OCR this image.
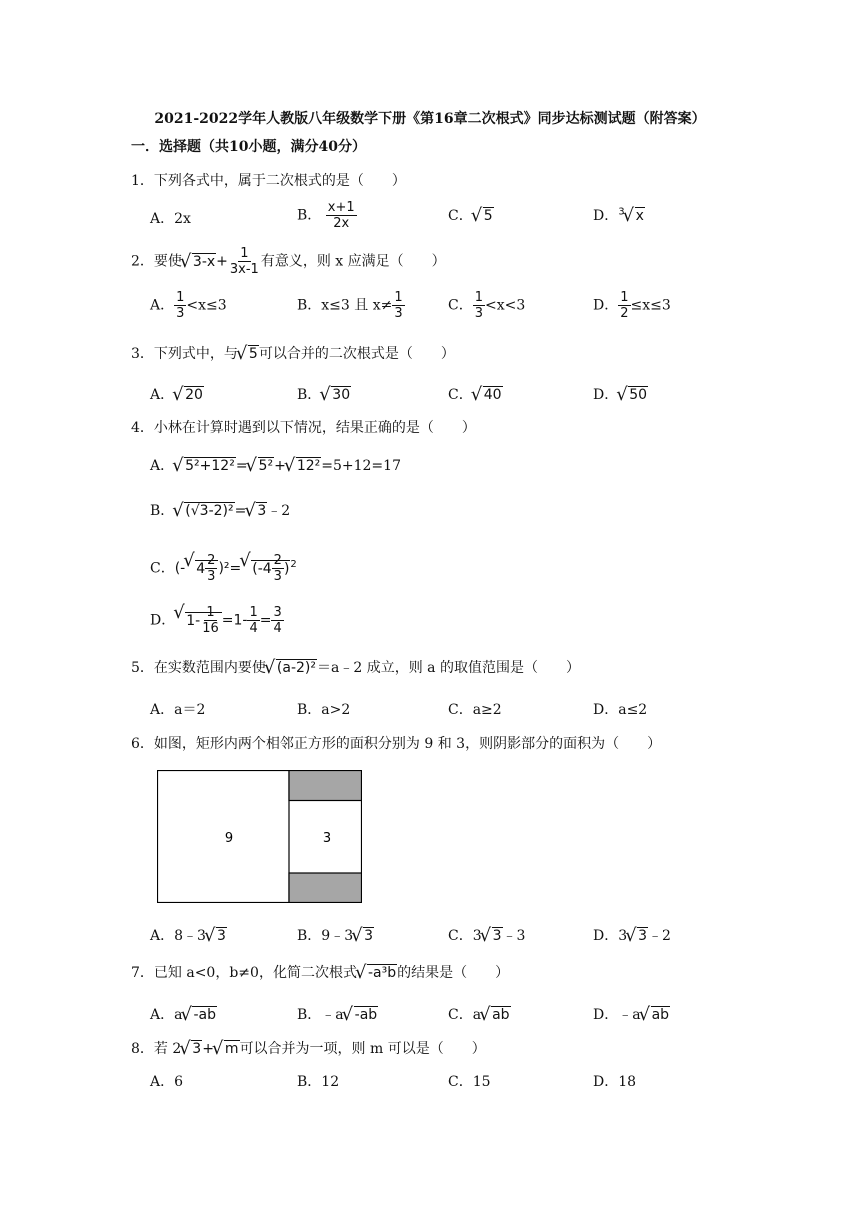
2021-2022学年人教版八年级数学下册《第16章二次根式》同步达标测试题（附答案）
一．选择题（共10小题，满分40分）
1．下列各式中，属于二次根式的是（　　）
A．2x	B． $\frac{x+1}{2x}$	C．√ 5	D．$^3$√ x
2．要使√ $3-x+ \frac{1}{3x-1}$ 有意义，则 x 应满足（　　）
A． $\frac{1}{3} <x\le 3$	B．x≤3 且 $x\ne \frac{1}{3}$	C． $\frac{1}{3} <x<3$	D． $\frac{1}{2} \le x\le 3$
3．下列式中，与√ 5可以合并的二次根式是（　　）
A．√ 20	B．√ 30	C．√ 40	D．√ 50
4．小林在计算时遇到以下情况，结果正确的是（　　）
A．√ 5²+12²=√ 5²+√ 12²=5+12=17
B．√ (√3-2)²=√ 3﹣2
C．(-√ $4 \frac{2}{3} )^2=√$ $(-4 \frac{2}{3} )^2$
D．√ $1- \frac{1}{16} =1- \frac{1}{4} = \frac{3}{4}$
5．在实数范围内要使√ (a-2)²＝a﹣2 成立，则 a 的取值范围是（　　）
A．a＝2	B．a>2	C．a≥2	D．a≤2
6．如图，矩形内两个相邻正方形的面积分别为 9 和 3，则阴影部分的面积为（　　）
9	3
A．8﹣3√ 3	B．9﹣3√ 3	C．3√ 3﹣3	D．3√ 3﹣2
7．已知 a<0，b≠0，化简二次根式√ -a³b的结果是（　　）
A．a√ -ab	B．﹣a√ -ab	C．a√ ab	D．﹣a√ ab
8．若 2√ 3+√ m可以合并为一项，则 m 可以是（　　）
A．6	B．12	C．15	D．18
